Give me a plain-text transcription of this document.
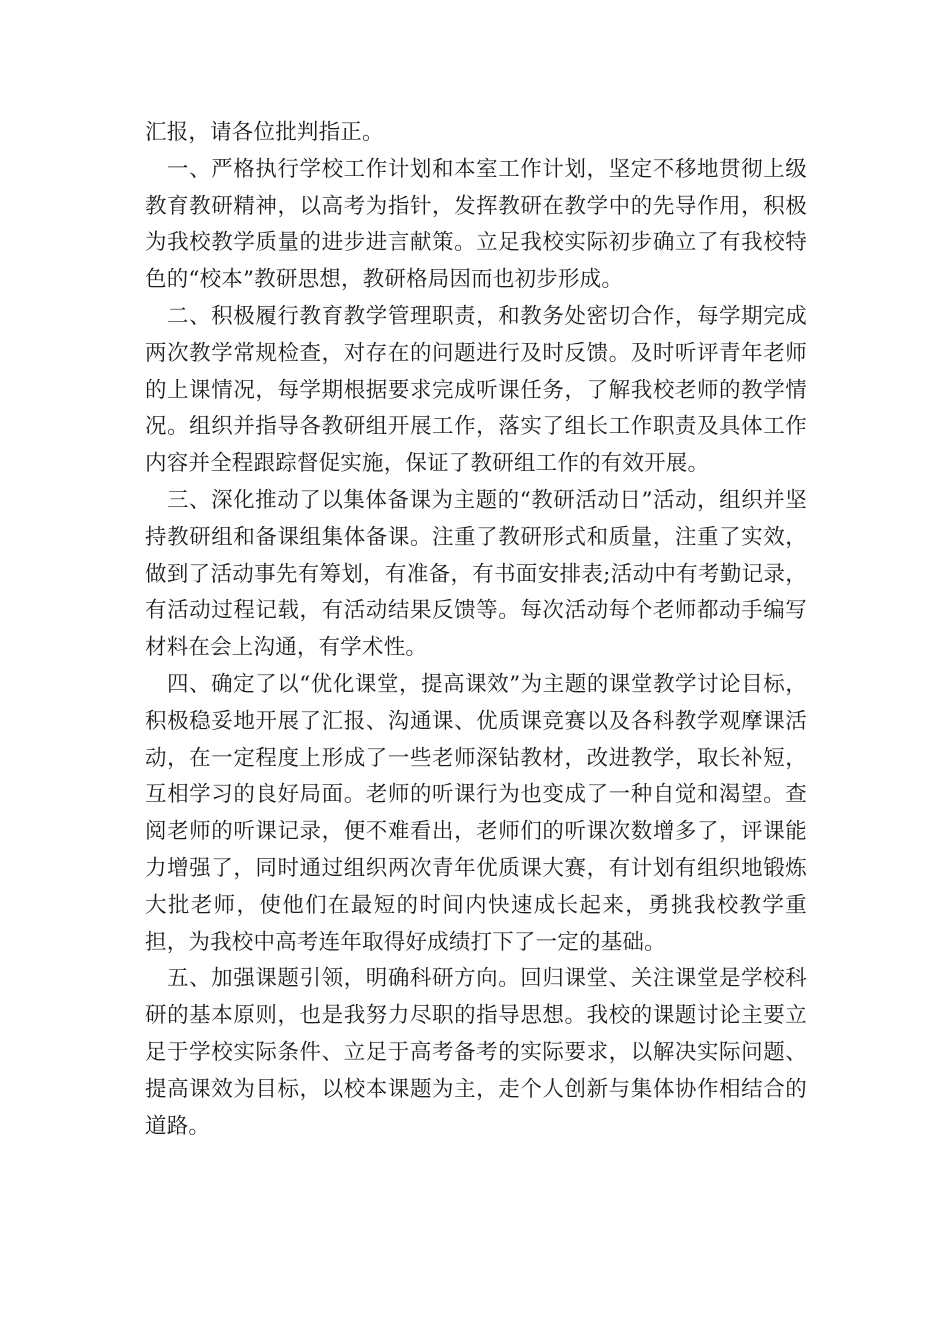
汇报，请各位批判指正。

一、严格执行学校工作计划和本室工作计划，坚定不移地贯彻上级教育教研精神，以高考为指针，发挥教研在教学中的先导作用，积极为我校教学质量的进步进言献策。立足我校实际初步确立了有我校特色的“校本”教研思想，教研格局因而也初步形成。

二、积极履行教育教学管理职责，和教务处密切合作，每学期完成两次教学常规检查，对存在的问题进行及时反馈。及时听评青年老师的上课情况，每学期根据要求完成听课任务，了解我校老师的教学情况。组织并指导各教研组开展工作，落实了组长工作职责及具体工作内容并全程跟踪督促实施，保证了教研组工作的有效开展。

三、深化推动了以集体备课为主题的“教研活动日”活动，组织并坚持教研组和备课组集体备课。注重了教研形式和质量，注重了实效，做到了活动事先有筹划，有准备，有书面安排表;活动中有考勤记录，有活动过程记载，有活动结果反馈等。每次活动每个老师都动手编写材料在会上沟通，有学术性。

四、确定了以“优化课堂，提高课效”为主题的课堂教学讨论目标，积极稳妥地开展了汇报、沟通课、优质课竞赛以及各科教学观摩课活动，在一定程度上形成了一些老师深钻教材，改进教学，取长补短，互相学习的良好局面。老师的听课行为也变成了一种自觉和渴望。查阅老师的听课记录，便不难看出，老师们的听课次数增多了，评课能力增强了，同时通过组织两次青年优质课大赛，有计划有组织地锻炼大批老师，使他们在最短的时间内快速成长起来，勇挑我校教学重担，为我校中高考连年取得好成绩打下了一定的基础。

五、加强课题引领，明确科研方向。回归课堂、关注课堂是学校科研的基本原则，也是我努力尽职的指导思想。我校的课题讨论主要立足于学校实际条件、立足于高考备考的实际要求，以解决实际问题、提高课效为目标，以校本课题为主，走个人创新与集体协作相结合的道路。
